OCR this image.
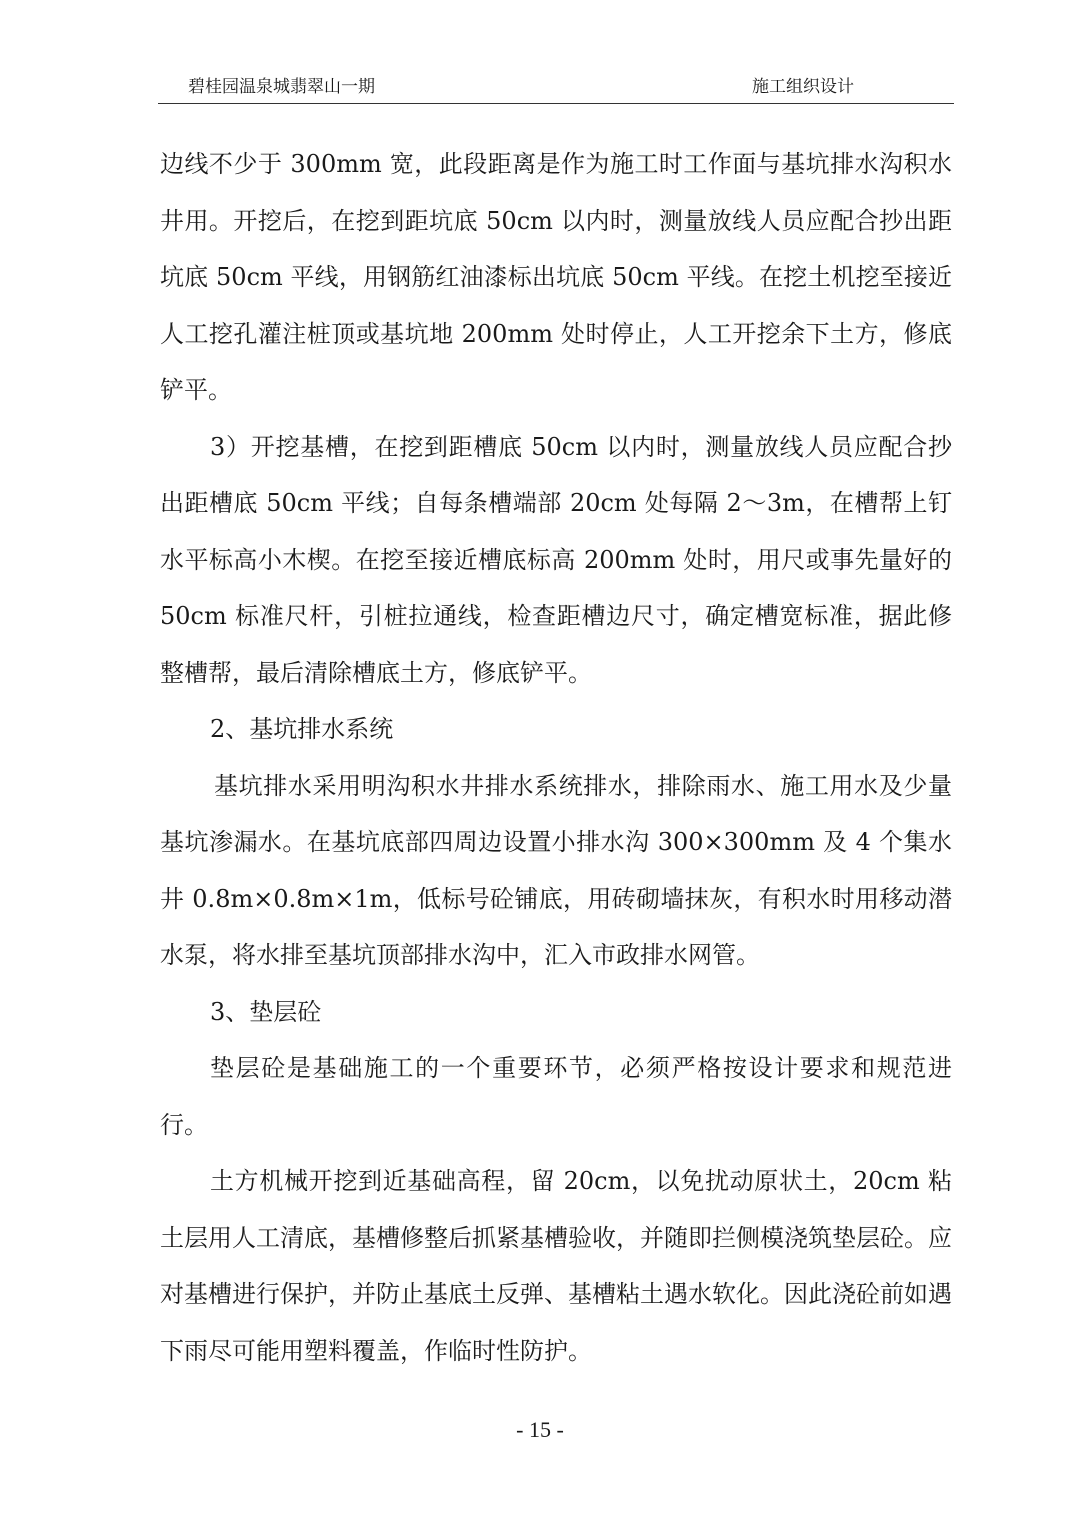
碧桂园温泉城翡翠山一期	施工组织设计

边线不少于 300mm 宽，此段距离是作为施工时工作面与基坑排水沟积水井用。开挖后，在挖到距坑底 50cm 以内时，测量放线人员应配合抄出距坑底 50cm 平线，用钢筋红油漆标出坑底 50cm 平线。在挖土机挖至接近人工挖孔灌注桩顶或基坑地 200mm 处时停止，人工开挖余下土方，修底铲平。

3）开挖基槽，在挖到距槽底 50cm 以内时，测量放线人员应配合抄出距槽底 50cm 平线；自每条槽端部 20cm 处每隔 2～3m，在槽帮上钉水平标高小木楔。在挖至接近槽底标高 200mm 处时，用尺或事先量好的 50cm 标准尺杆，引桩拉通线，检查距槽边尺寸，确定槽宽标准，据此修整槽帮，最后清除槽底土方，修底铲平。

2、基坑排水系统

基坑排水采用明沟积水井排水系统排水，排除雨水、施工用水及少量基坑渗漏水。在基坑底部四周边设置小排水沟 300×300mm 及 4 个集水井 0.8m×0.8m×1m，低标号砼铺底，用砖砌墙抹灰，有积水时用移动潜水泵，将水排至基坑顶部排水沟中，汇入市政排水网管。

3、垫层砼

垫层砼是基础施工的一个重要环节，必须严格按设计要求和规范进行。

土方机械开挖到近基础高程，留 20cm，以免扰动原状土，20cm 粘土层用人工清底，基槽修整后抓紧基槽验收，并随即拦侧模浇筑垫层砼。应对基槽进行保护，并防止基底土反弹、基槽粘土遇水软化。因此浇砼前如遇下雨尽可能用塑料覆盖，作临时性防护。

- 15 -
